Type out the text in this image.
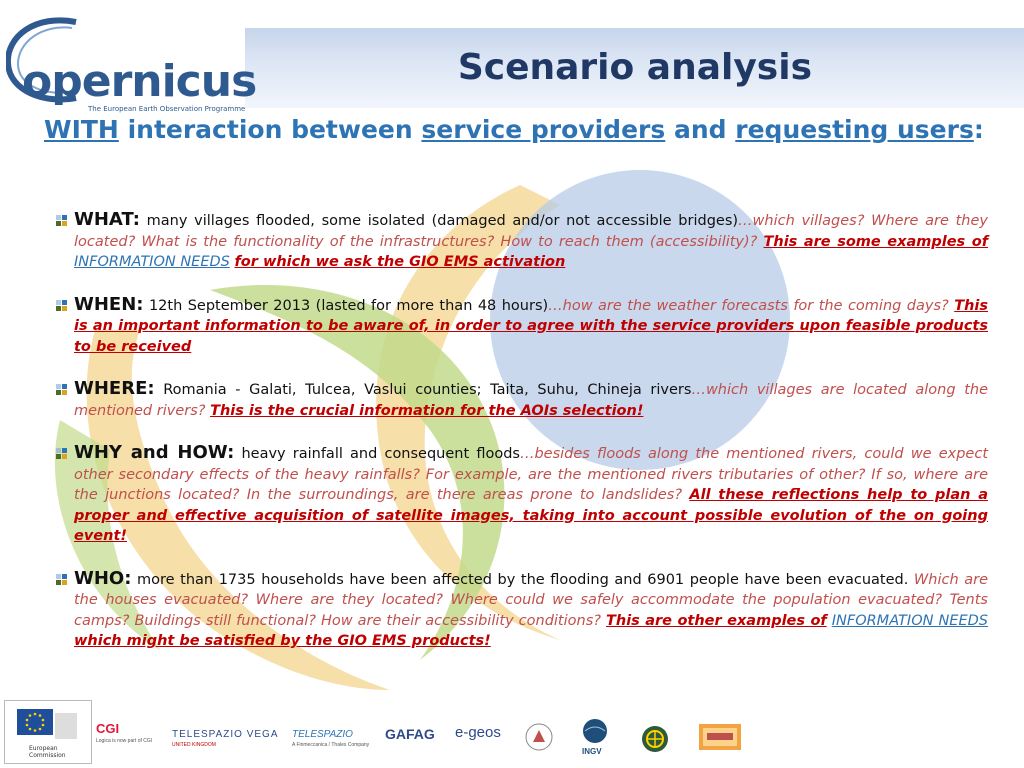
opernicus
The European Earth Observation Programme
Scenario analysis

WITH interaction between service providers and requesting users:

WHAT: many villages flooded, some isolated (damaged and/or not accessible bridges)…which villages? Where are they located? What is the functionality of the infrastructures? How to reach them (accessibility)? This are some examples of INFORMATION NEEDS for which we ask the GIO EMS activation
WHEN: 12th September 2013 (lasted for more than 48 hours)…how are the weather forecasts for the coming days? This is an important information to be aware of, in order to agree with the service providers upon feasible products to be received
WHERE: Romania - Galati, Tulcea, Vaslui counties; Taita, Suhu, Chineja rivers…which villages are located along the mentioned rivers? This is the crucial information for the AOIs selection!
WHY and HOW: heavy rainfall and consequent floods…besides floods along the mentioned rivers, could we expect other secondary effects of the heavy rainfalls? For example, are the mentioned rivers tributaries of other? If so, where are the junctions located? In the surroundings, are there areas prone to landslides? All these reflections help to plan a proper and effective acquisition of satellite images, taking into account possible evolution of the on going event!
WHO: more than 1735 households have been affected by the flooding and 6901 people have been evacuated. Which are the houses evacuated? Where are they located? Where could we safely accommodate the population evacuated? Tents camps? Buildings still functional? How are their accessibility conditions? This are other examples of INFORMATION NEEDS which might be satisfied by the GIO EMS products!
European Commission
CGI
Logica is now part of CGI
TELESPAZIO VEGA
UNITED KINGDOM
TELESPAZIO
A Finmeccanica / Thales Company
GAFAG e-geos
INGV
